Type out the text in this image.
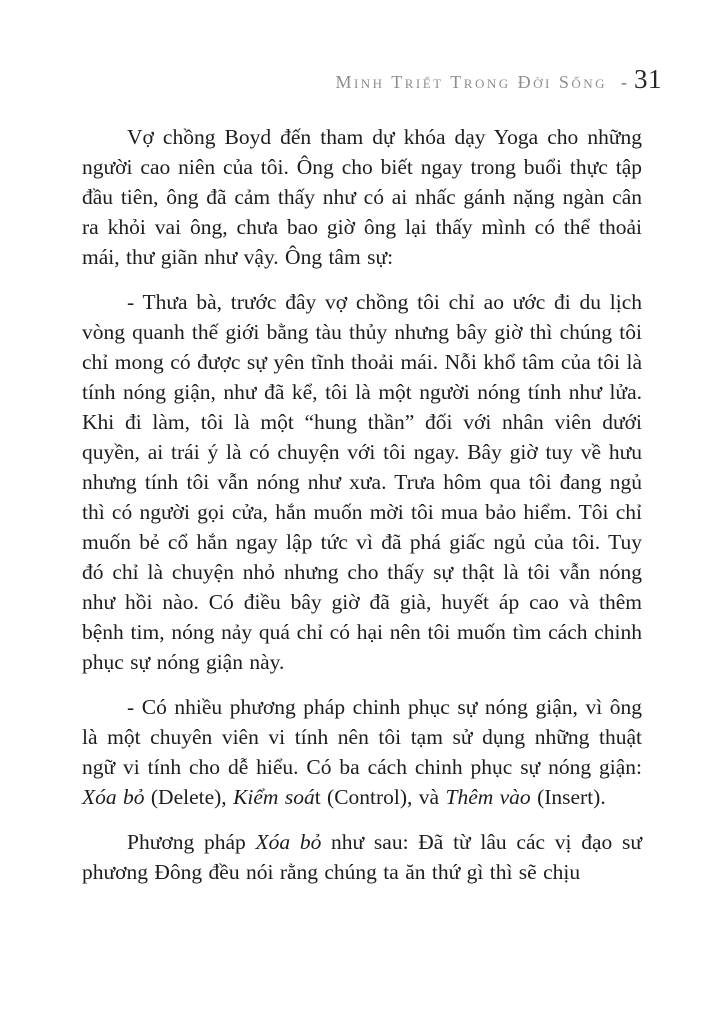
Minh Triết Trong Đời Sống - 31

Vợ chồng Boyd đến tham dự khóa dạy Yoga cho những người cao niên của tôi. Ông cho biết ngay trong buổi thực tập đầu tiên, ông đã cảm thấy như có ai nhấc gánh nặng ngàn cân ra khỏi vai ông, chưa bao giờ ông lại thấy mình có thể thoải mái, thư giãn như vậy. Ông tâm sự:

- Thưa bà, trước đây vợ chồng tôi chỉ ao ước đi du lịch vòng quanh thế giới bằng tàu thủy nhưng bây giờ thì chúng tôi chỉ mong có được sự yên tĩnh thoải mái. Nỗi khổ tâm của tôi là tính nóng giận, như đã kể, tôi là một người nóng tính như lửa. Khi đi làm, tôi là một “hung thần” đối với nhân viên dưới quyền, ai trái ý là có chuyện với tôi ngay. Bây giờ tuy về hưu nhưng tính tôi vẫn nóng như xưa. Trưa hôm qua tôi đang ngủ thì có người gọi cửa, hắn muốn mời tôi mua bảo hiểm. Tôi chỉ muốn bẻ cổ hắn ngay lập tức vì đã phá giấc ngủ của tôi. Tuy đó chỉ là chuyện nhỏ nhưng cho thấy sự thật là tôi vẫn nóng như hồi nào. Có điều bây giờ đã già, huyết áp cao và thêm bệnh tim, nóng nảy quá chỉ có hại nên tôi muốn tìm cách chinh phục sự nóng giận này.

- Có nhiều phương pháp chinh phục sự nóng giận, vì ông là một chuyên viên vi tính nên tôi tạm sử dụng những thuật ngữ vi tính cho dễ hiểu. Có ba cách chinh phục sự nóng giận: Xóa bỏ (Delete), Kiểm soát (Control), và Thêm vào (Insert).

Phương pháp Xóa bỏ như sau: Đã từ lâu các vị đạo sư phương Đông đều nói rằng chúng ta ăn thứ gì thì sẽ chịu
